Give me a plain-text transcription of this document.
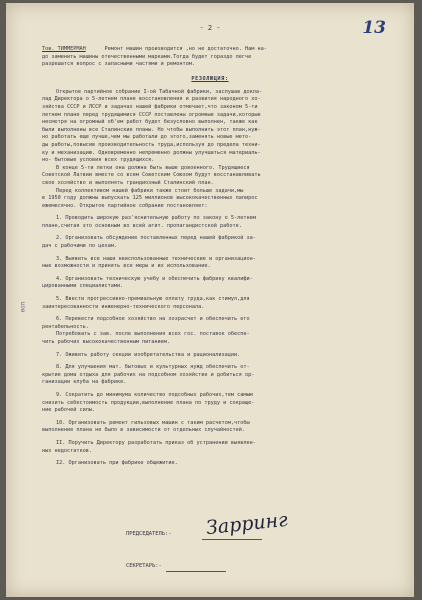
- 2 -	13
вап
Тов. ТИММЕРМАН	Ремонт машин производится ,но не достаточно. Нам на-
до заменить машины отечественными марками.Тогда будет гораздо легче
разрешатся вопрос с запасными частями и ремонтом.
РЕЗОЛЮЦИЯ:
Открытое партийное собрание I-ой Табачной фабрики, заслушав докла-
лад Директора о 5-летнем плане восстановления и развития народного хо-
зяйства СССР и ЛССР и задачах нашей фабрики отмечает,что законом 5-ти
летнем плане перед трудящимися СССР поставлены огромные задачи,которые
несмотря на огромный об'ем работ будет безусловно выполнен, также как
были выполнены все Сталинские планы. Но чтобы выполнить этот план,нуж-
но работать еще лучше,чем мы работали до этого,заменять новые мето-
ды работы,повысив производительность труда,используя до предела техни-
ку и механизацию. Одновременно непременно должны улучшаться материаль-
но- бытовые условия всех трудящихся.
В конце 5-ти летки она должна быть выше довоенного. Трудящиеся
Советской Латвии вместе со всем Советским Союзом будут восстанавливать
свое хозяйство и выполнять грандиозный Сталинский план.
Перед коллективом нашей фабрики также стоит больше задачи,мы
в 1950 году должны выпускать 125 миллионов высококачественных папирос
ежемесячно. Открытое партийное собрание постановляет:
1. Проводить широкую раз'яснительную работу по закону о 5-летнем
плане,считая это основным во всей агит. пропагандистской работе.
2. Организовать обсуждение поставленных перед нашей фабрикой за-
дач с рабочими по цехам.
3. Выявить все наши неиспользованные технические и организацион-
ные возможности и принять все меры и их использование.
4. Организовать техническую учебу и обеспечить фабрику квалифи-
цированными специалистами.
5. Ввести прогрессивно-премиальную оплату труда,как стимул,для
заинтересованности инженерно-технического персонала.
6. Перевести подсобное хозяйство на хозрасчет и обеспечить его
рентабельность.
Потребовать с зав. после выполнения всех гос. поставок обеспе-
чить рабочих высококачественным питанием.
7. Оживить работу секции изобретательства и рационализации.
8. Для улучшения мат. бытовых и культурных нужд обеспечить от-
крытие дома отдыха для рабочих на подсобном хозяйстве и добиться ор-
ганизации клуба на фабрике.
9. Сократить до минимума количество подсобных рабочих,тем самым
снизить себестоимость продукции,выполнение плана по труду и сокраще-
ние рабочей силы.
10. Организовать ремонт гильзовых машин с таким расчетом,чтобы
выполнение плана не было в зависимости от отдельных случайностей.
II. Поручить Директору разработать приказ об устранении выявлен-
ных недостатков.
I2. Организовать при фабрике общежитие.
ПРЕДСЕДАТЕЛЬ:- Зарринг
СЕКРЕТАРЬ:-
